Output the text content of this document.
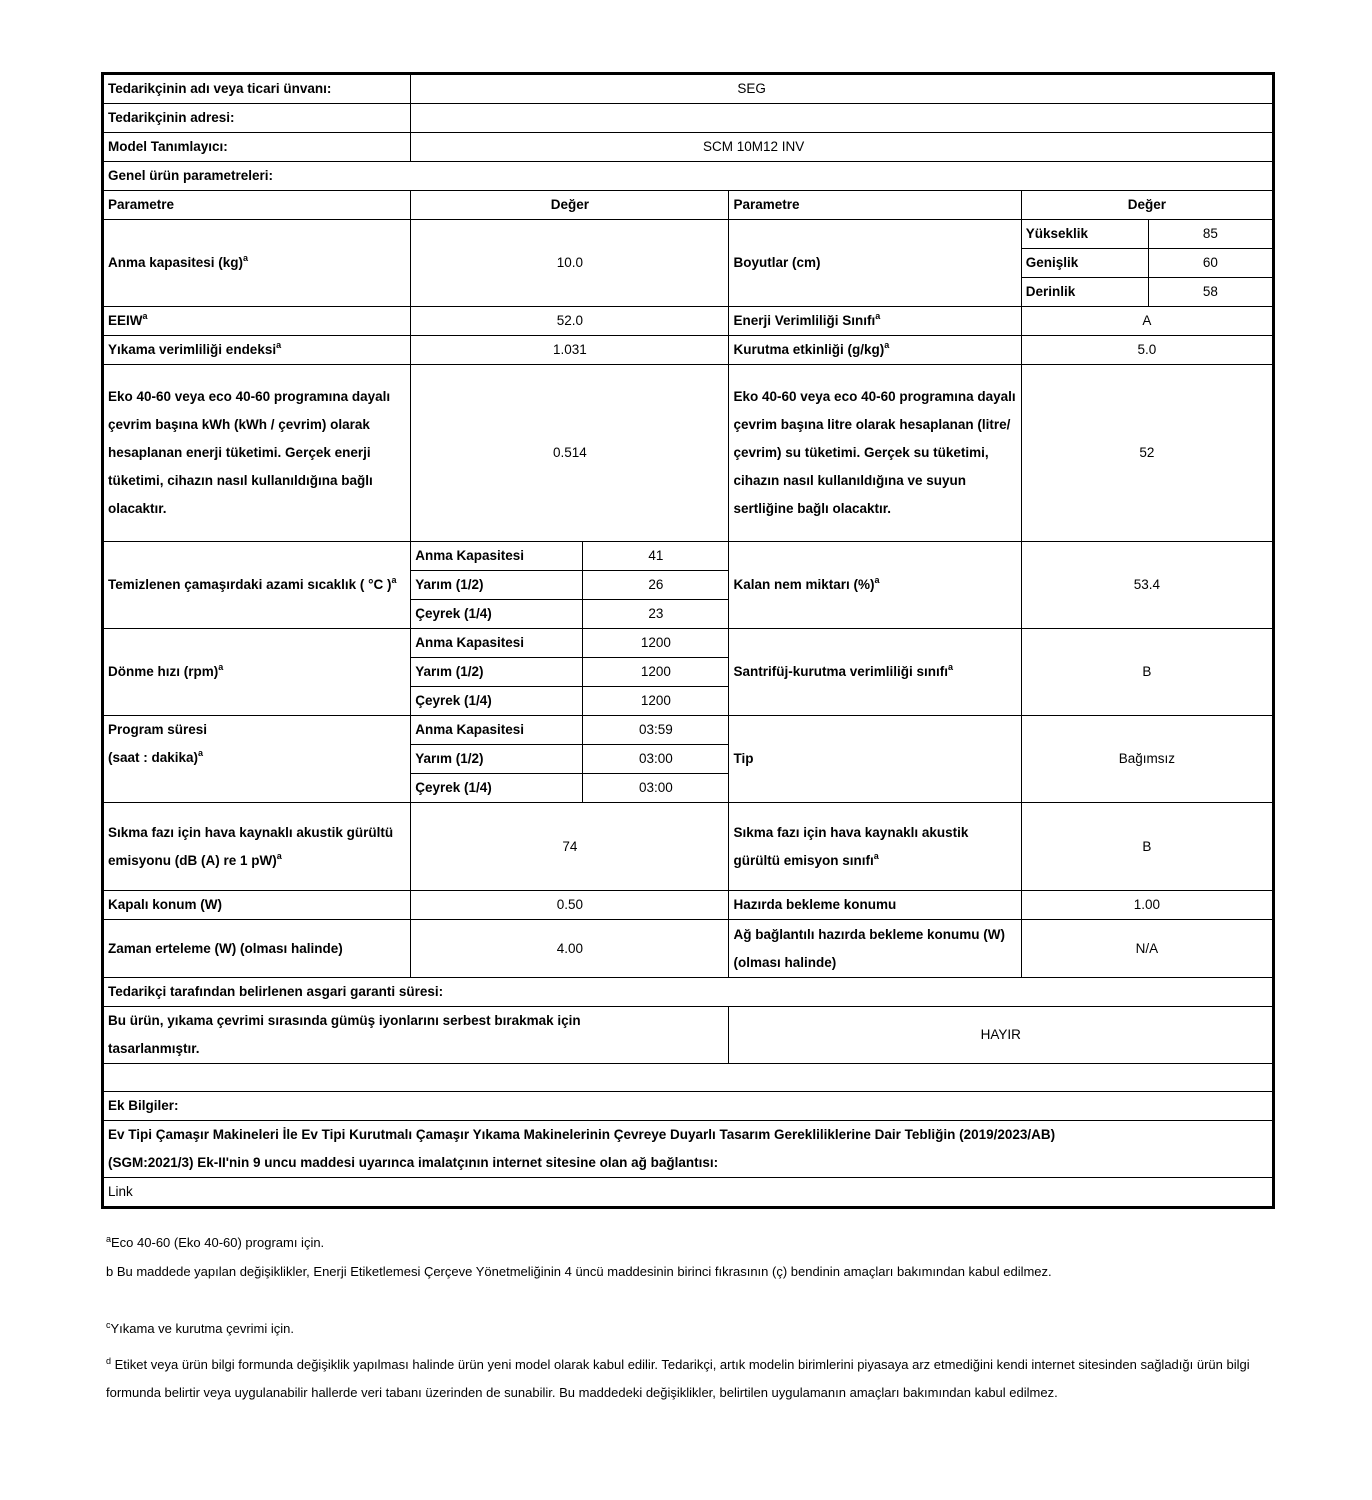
Tedarikçinin adı veya ticari ünvanı:	SEG				
Tedarikçinin adresi:					
Model Tanımlayıcı:	SCM 10M12 INV				
Genel ürün parametreleri:					
Parametre	Değer		Parametre	Değer	
Anma kapasitesi (kg)$^a$	10.0		Boyutlar (cm)	Yükseklik	85
				Genişlik	60
				Derinlik	58
EEIW$^a$	52.0		Enerji Verimliliği Sınıfı$^a$	A	
Yıkama verimliliği endeksi$^a$	1.031		Kurutma etkinliği $(g/kg)^a$	5.0	
Eko 40-60 veya eco 40-60 programına dayalı çevrim başına kWh (kWh / çevrim) olarak hesaplanan enerji tüketimi. Gerçek enerji tüketimi, cihazın nasıl kullanıldığına bağlı olacaktır.	0.514		Eko 40-60 veya eco 40-60 programına dayalı çevrim başına litre olarak hesaplanan (litre/çevrim) su tüketimi. Gerçek su tüketimi, cihazın nasıl kullanıldığına ve suyun sertliğine bağlı olacaktır.	52	
Temizlenen çamaşırdaki azami sıcaklık ( °C )$^a$	Anma Kapasitesi	41	Kalan nem miktarı (%)$^a$	53.4	
	Yarım (1/2)	26			
	Çeyrek (1/4)	23			
Dönme hızı (rpm)$^a$	Anma Kapasitesi	1200	Santrifüj-kurutma verimliliği sınıfı$^a$	B	
	Yarım (1/2)	1200			
	Çeyrek (1/4)	1200			
Program süresi
(saat : dakika)$^a$	Anma Kapasitesi	03:59	Tip	Bağımsız	
	Yarım (1/2)	03:00			
	Çeyrek (1/4)	03:00			
Sıkma fazı için hava kaynaklı akustik gürültü emisyonu (dB (A) re 1 pW)$^a$	74		Sıkma fazı için hava kaynaklı akustik gürültü emisyon sınıfı$^a$	B	
Kapalı konum (W)	0.50		Hazırda bekleme konumu	1.00	
Zaman erteleme (W) (olması halinde)	4.00		Ağ bağlantılı hazırda bekleme konumu (W) (olması halinde)	N/A	
Tedarikçi tarafından belirlenen asgari garanti süresi:					
Bu ürün, yıkama çevrimi sırasında gümüş iyonlarını serbest bırakmak için tasarlanmıştır.			HAYIR		

Ek Bilgiler:					
Ev Tipi Çamaşır Makineleri İle Ev Tipi Kurutmalı Çamaşır Yıkama Makinelerinin Çevreye Duyarlı Tasarım Gerekliliklerine Dair Tebliğin (2019/2023/AB)(SGM:2021/3) Ek-II'nin 9 uncu maddesi uyarınca imalatçının internet sitesine olan ağ bağlantısı:					
Link					
$^a$Eco 40-60 (Eko 40-60) programı için.
b Bu maddede yapılan değişiklikler, Enerji Etiketlemesi Çerçeve Yönetmeliğinin 4 üncü maddesinin birinci fıkrasının (ç) bendinin amaçları bakımından kabul edilmez.
$^c$Yıkama ve kurutma çevrimi için.
$^d$ Etiket veya ürün bilgi formunda değişiklik yapılması halinde ürün yeni model olarak kabul edilir. Tedarikçi, artık modelin birimlerini piyasaya arz etmediğini kendi internet sitesinden sağladığı ürün bilgi formunda belirtir veya uygulanabilir hallerde veri tabanı üzerinden de sunabilir. Bu maddedeki değişiklikler, belirtilen uygulamanın amaçları bakımından kabul edilmez.
